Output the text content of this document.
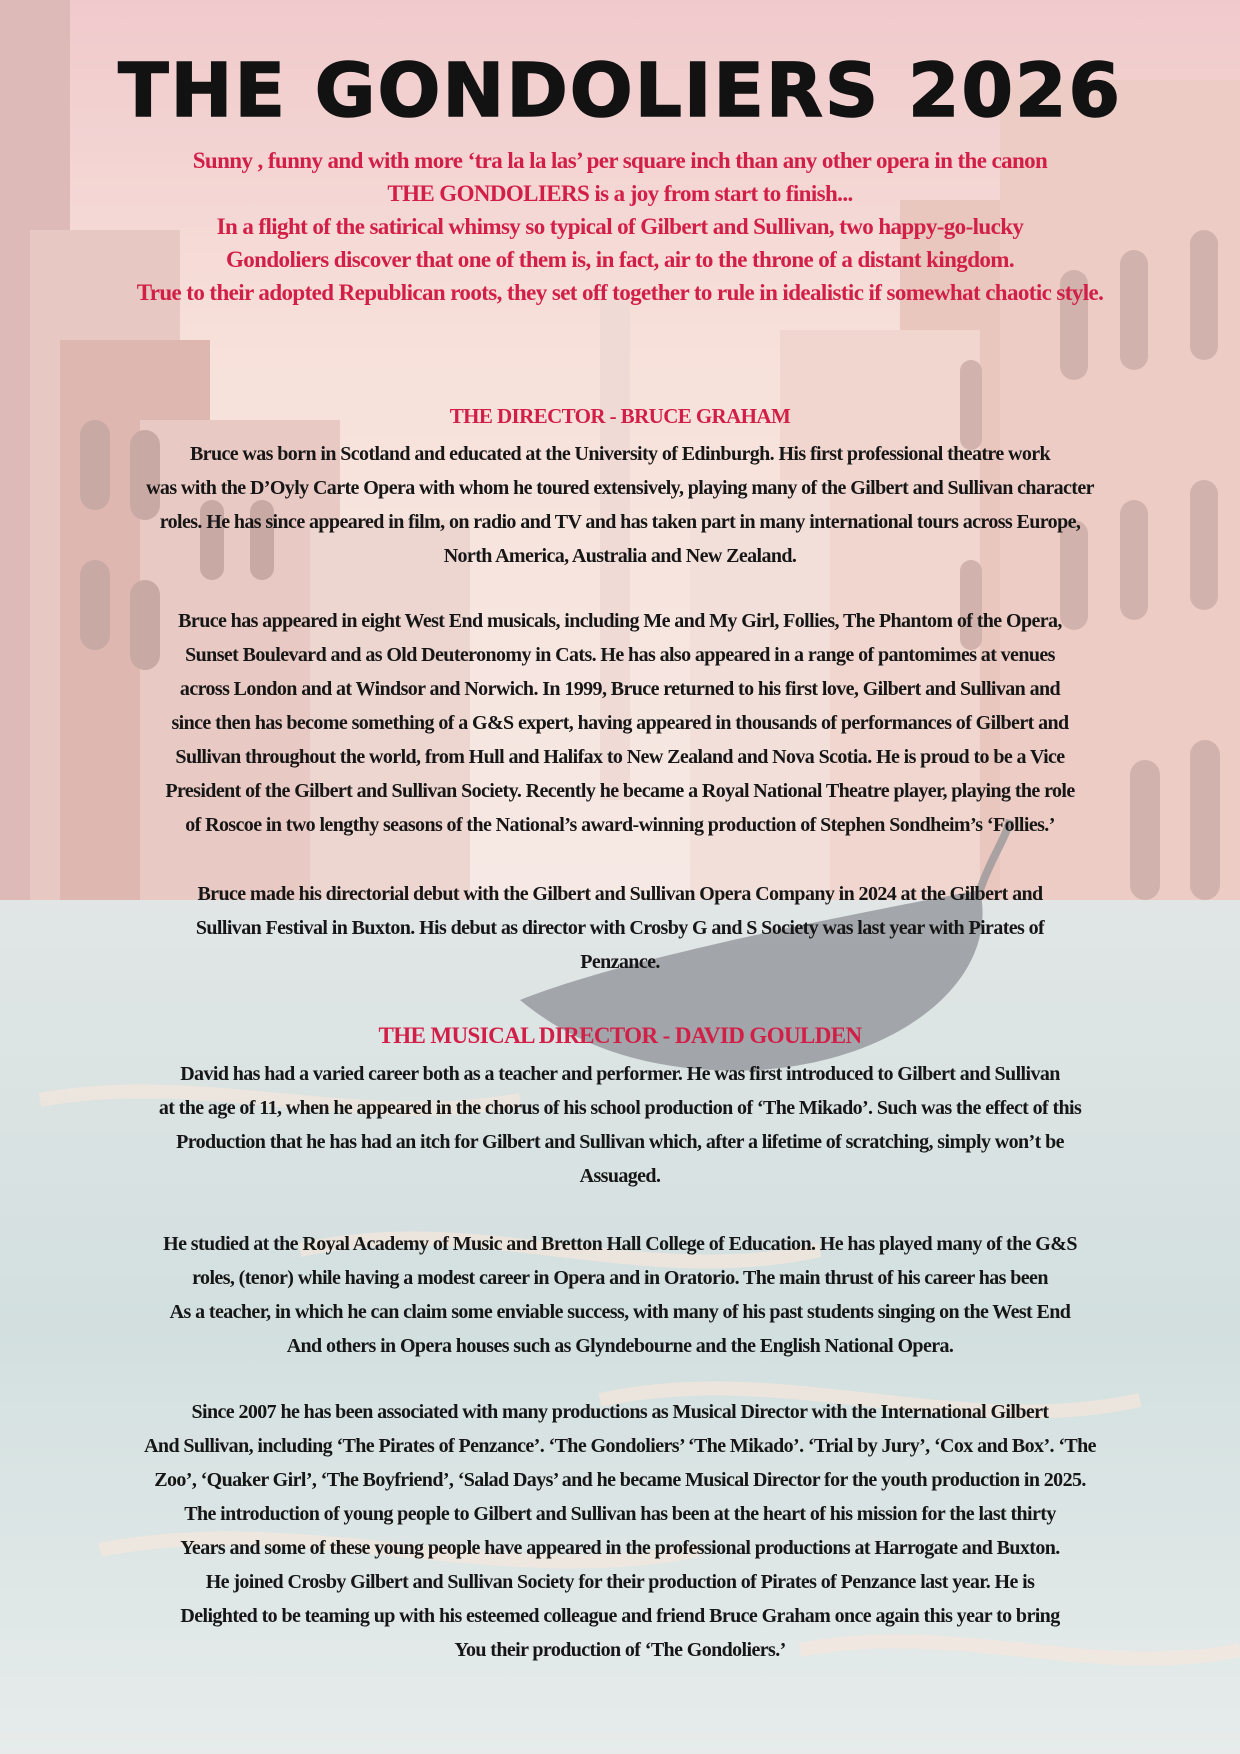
THE GONDOLIERS 2026
Sunny , funny and with more ‘tra la la las’ per square inch than any other opera in the canon
THE GONDOLIERS is a joy from start to finish...
In a flight of the satirical whimsy so typical of Gilbert and Sullivan, two happy-go-lucky
Gondoliers discover that one of them is, in fact, air to the throne of a distant kingdom.
True to their adopted Republican roots, they set off together to rule in idealistic if somewhat chaotic style.
THE DIRECTOR - BRUCE GRAHAM
Bruce was born in Scotland and educated at the University of Edinburgh. His first professional theatre work
was with the D’Oyly Carte Opera with whom he toured extensively, playing many of the Gilbert and Sullivan character
roles. He has since appeared in film, on radio and TV and has taken part in many international tours across Europe,
North America, Australia and New Zealand.
Bruce has appeared in eight West End musicals, including Me and My Girl, Follies, The Phantom of the Opera,
Sunset Boulevard and as Old Deuteronomy in Cats. He has also appeared in a range of pantomimes at venues
across London and at Windsor and Norwich. In 1999, Bruce returned to his first love, Gilbert and Sullivan and
since then has become something of a G&S expert, having appeared in thousands of performances of Gilbert and
Sullivan throughout the world, from Hull and Halifax to New Zealand and Nova Scotia. He is proud to be a Vice
President of the Gilbert and Sullivan Society. Recently he became a Royal National Theatre player, playing the role
of Roscoe in two lengthy seasons of the National’s award-winning production of Stephen Sondheim’s ‘Follies.’
Bruce made his directorial debut with the Gilbert and Sullivan Opera Company in 2024 at the Gilbert and
Sullivan Festival in Buxton. His debut as director with Crosby G and S Society was last year with Pirates of
Penzance.
THE MUSICAL DIRECTOR - DAVID GOULDEN
David has had a varied career both as a teacher and performer. He was first introduced to Gilbert and Sullivan
at the age of 11, when he appeared in the chorus of his school production of ‘The Mikado’. Such was the effect of this
Production that he has had an itch for Gilbert and Sullivan which, after a lifetime of scratching, simply won’t be
Assuaged.
He studied at the Royal Academy of Music and Bretton Hall College of Education. He has played many of the G&S
roles, (tenor) while having a modest career in Opera and in Oratorio. The main thrust of his career has been
As a teacher, in which he can claim some enviable success, with many of his past students singing on the West End
And others in Opera houses such as Glyndebourne and the English National Opera.
Since 2007 he has been associated with many productions as Musical Director with the International Gilbert
And Sullivan, including ‘The Pirates of Penzance’. ‘The Gondoliers’ ‘The Mikado’. ‘Trial by Jury’, ‘Cox and Box’. ‘The
Zoo’, ‘Quaker Girl’, ‘The Boyfriend’, ‘Salad Days’ and he became Musical Director for the youth production in 2025.
The introduction of young people to Gilbert and Sullivan has been at the heart of his mission for the last thirty
Years and some of these young people have appeared in the professional productions at Harrogate and Buxton.
He joined Crosby Gilbert and Sullivan Society for their production of Pirates of Penzance last year. He is
Delighted to be teaming up with his esteemed colleague and friend Bruce Graham once again this year to bring
You their production of ‘The Gondoliers.’
